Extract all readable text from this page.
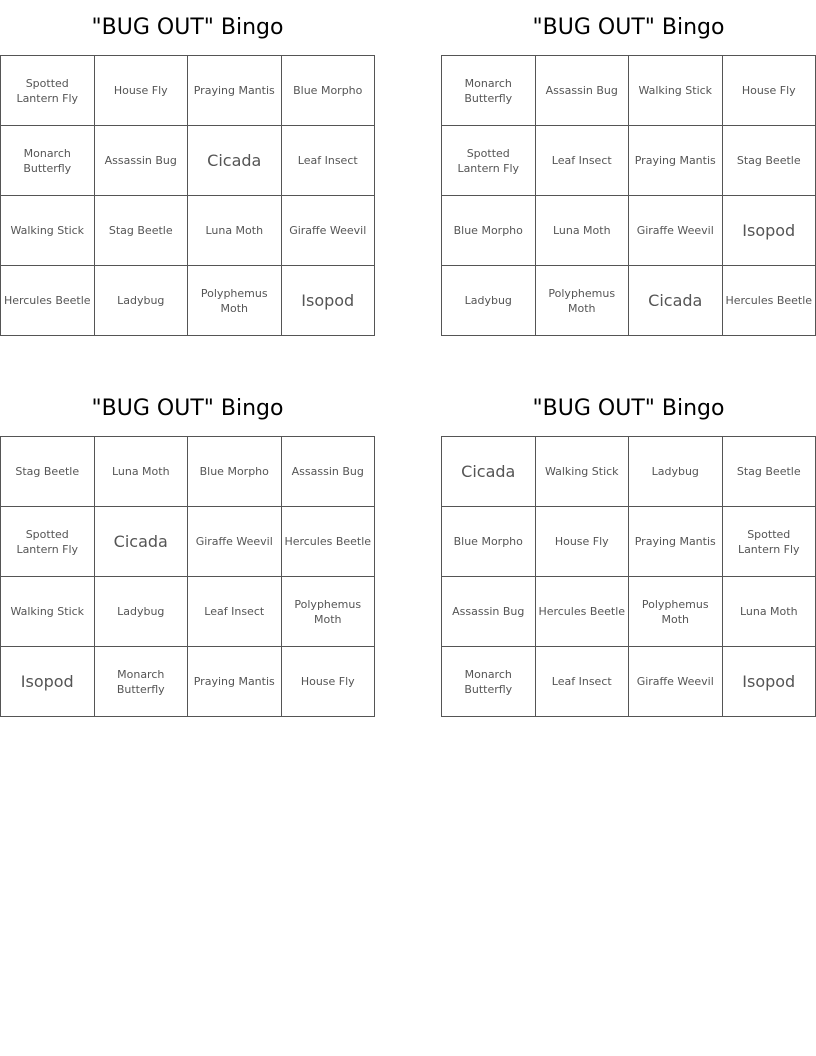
"BUG OUT" Bingo
Spotted Lantern Fly	House Fly	Praying Mantis	Blue Morpho
Monarch Butterfly	Assassin Bug	Cicada	Leaf Insect
Walking Stick	Stag Beetle	Luna Moth	Giraffe Weevil
Hercules Beetle	Ladybug	Polyphemus Moth	Isopod
"BUG OUT" Bingo
Monarch Butterfly	Assassin Bug	Walking Stick	House Fly
Spotted Lantern Fly	Leaf Insect	Praying Mantis	Stag Beetle
Blue Morpho	Luna Moth	Giraffe Weevil	Isopod
Ladybug	Polyphemus Moth	Cicada	Hercules Beetle
"BUG OUT" Bingo
Stag Beetle	Luna Moth	Blue Morpho	Assassin Bug
Spotted Lantern Fly	Cicada	Giraffe Weevil	Hercules Beetle
Walking Stick	Ladybug	Leaf Insect	Polyphemus Moth
Isopod	Monarch Butterfly	Praying Mantis	House Fly
"BUG OUT" Bingo
Cicada	Walking Stick	Ladybug	Stag Beetle
Blue Morpho	House Fly	Praying Mantis	Spotted Lantern Fly
Assassin Bug	Hercules Beetle	Polyphemus Moth	Luna Moth
Monarch Butterfly	Leaf Insect	Giraffe Weevil	Isopod
